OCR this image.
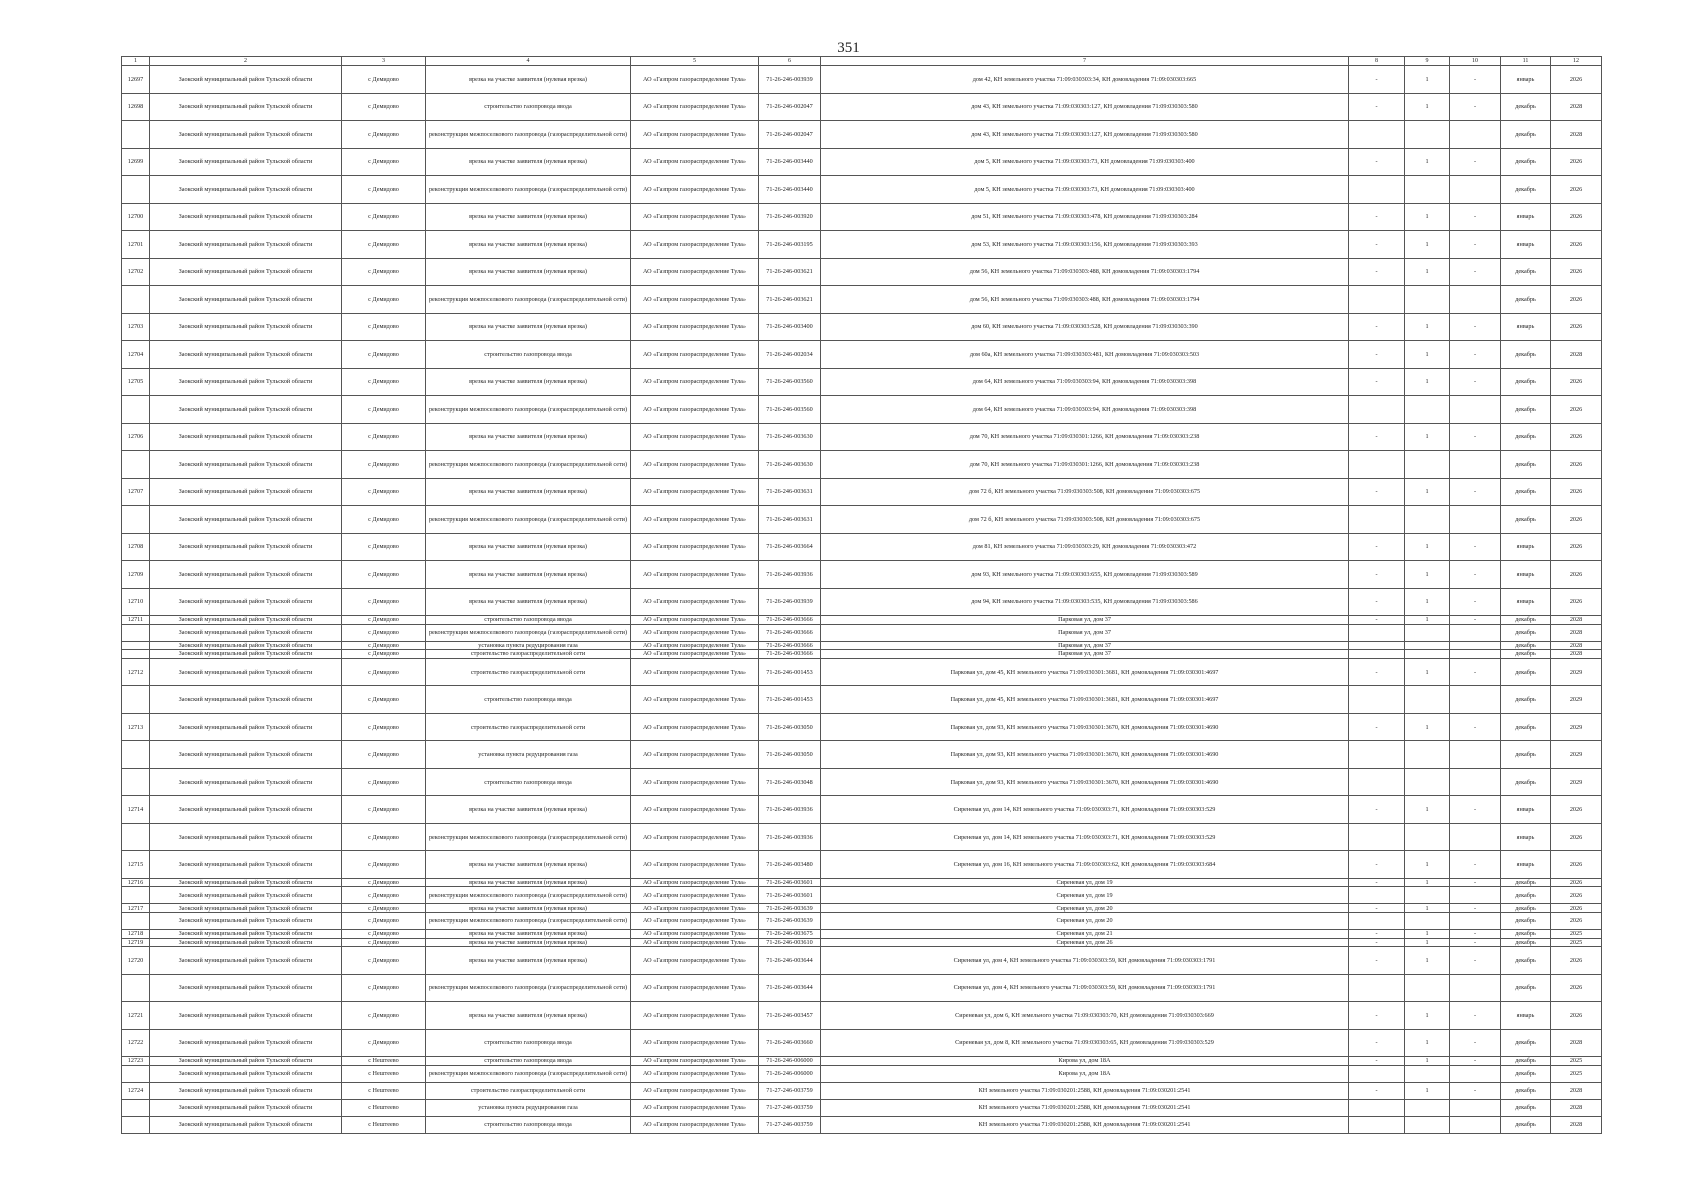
351
1	2	3	4	5	6	7	8	9	10	11	12
12697	Заокский муниципальный район Тульской области	с Демидово	врезка на участке заявителя (нулевая врезка)	АО «Газпром газораспределение Тула»	71-26-246-003939	дом 42, КН земельного участка 71:09:030303:34, КН домовладения 71:09:030303:665	-	1	-	январь	2026
12698	Заокский муниципальный район Тульской области	с Демидово	строительство газопровода ввода	АО «Газпром газораспределение Тула»	71-26-246-002047	дом 43, КН земельного участка 71:09:030303:127, КН домовладения 71:09:030303:580	-	1	-	декабрь	2028
	Заокский муниципальный район Тульской области	с Демидово	реконструкция межпоселкового газопровода (газораспределительной сети)	АО «Газпром газораспределение Тула»	71-26-246-002047	дом 43, КН земельного участка 71:09:030303:127, КН домовладения 71:09:030303:580				декабрь	2028
12699	Заокский муниципальный район Тульской области	с Демидово	врезка на участке заявителя (нулевая врезка)	АО «Газпром газораспределение Тула»	71-26-246-003440	дом 5, КН земельного участка 71:09:030303:73, КН домовладения 71:09:030303:400	-	1	-	декабрь	2026
	Заокский муниципальный район Тульской области	с Демидово	реконструкция межпоселкового газопровода (газораспределительной сети)	АО «Газпром газораспределение Тула»	71-26-246-003440	дом 5, КН земельного участка 71:09:030303:73, КН домовладения 71:09:030303:400				декабрь	2026
12700	Заокский муниципальный район Тульской области	с Демидово	врезка на участке заявителя (нулевая врезка)	АО «Газпром газораспределение Тула»	71-26-246-003920	дом 51, КН земельного участка 71:09:030303:478, КН домовладения 71:09:030303:284	-	1	-	январь	2026
12701	Заокский муниципальный район Тульской области	с Демидово	врезка на участке заявителя (нулевая врезка)	АО «Газпром газораспределение Тула»	71-26-246-003195	дом 53, КН земельного участка 71:09:030303:156, КН домовладения 71:09:030303:393	-	1	-	январь	2026
12702	Заокский муниципальный район Тульской области	с Демидово	врезка на участке заявителя (нулевая врезка)	АО «Газпром газораспределение Тула»	71-26-246-003621	дом 56, КН земельного участка 71:09:030303:488, КН домовладения 71:09:030303:1794	-	1	-	декабрь	2026
	Заокский муниципальный район Тульской области	с Демидово	реконструкция межпоселкового газопровода (газораспределительной сети)	АО «Газпром газораспределение Тула»	71-26-246-003621	дом 56, КН земельного участка 71:09:030303:488, КН домовладения 71:09:030303:1794				декабрь	2026
12703	Заокский муниципальный район Тульской области	с Демидово	врезка на участке заявителя (нулевая врезка)	АО «Газпром газораспределение Тула»	71-26-246-003400	дом 60, КН земельного участка 71:09:030303:528, КН домовладения 71:09:030303:390	-	1	-	январь	2026
12704	Заокский муниципальный район Тульской области	с Демидово	строительство газопровода ввода	АО «Газпром газораспределение Тула»	71-26-246-002034	дом 60а, КН земельного участка 71:09:030303:481, КН домовладения 71:09:030303:503	-	1	-	декабрь	2028
12705	Заокский муниципальный район Тульской области	с Демидово	врезка на участке заявителя (нулевая врезка)	АО «Газпром газораспределение Тула»	71-26-246-003560	дом 64, КН земельного участка 71:09:030303:94, КН домовладения 71:09:030303:398	-	1	-	декабрь	2026
	Заокский муниципальный район Тульской области	с Демидово	реконструкция межпоселкового газопровода (газораспределительной сети)	АО «Газпром газораспределение Тула»	71-26-246-003560	дом 64, КН земельного участка 71:09:030303:94, КН домовладения 71:09:030303:398				декабрь	2026
12706	Заокский муниципальный район Тульской области	с Демидово	врезка на участке заявителя (нулевая врезка)	АО «Газпром газораспределение Тула»	71-26-246-003630	дом 70, КН земельного участка 71:09:030301:1266, КН домовладения 71:09:030303:238	-	1	-	декабрь	2026
	Заокский муниципальный район Тульской области	с Демидово	реконструкция межпоселкового газопровода (газораспределительной сети)	АО «Газпром газораспределение Тула»	71-26-246-003630	дом 70, КН земельного участка 71:09:030301:1266, КН домовладения 71:09:030303:238				декабрь	2026
12707	Заокский муниципальный район Тульской области	с Демидово	врезка на участке заявителя (нулевая врезка)	АО «Газпром газораспределение Тула»	71-26-246-003631	дом 72 б, КН земельного участка 71:09:030303:508, КН домовладения 71:09:030303:675	-	1	-	декабрь	2026
	Заокский муниципальный район Тульской области	с Демидово	реконструкция межпоселкового газопровода (газораспределительной сети)	АО «Газпром газораспределение Тула»	71-26-246-003631	дом 72 б, КН земельного участка 71:09:030303:508, КН домовладения 71:09:030303:675				декабрь	2026
12708	Заокский муниципальный район Тульской области	с Демидово	врезка на участке заявителя (нулевая врезка)	АО «Газпром газораспределение Тула»	71-26-246-003664	дом 81, КН земельного участка 71:09:030303:29, КН домовладения 71:09:030303:472	-	1	-	январь	2026
12709	Заокский муниципальный район Тульской области	с Демидово	врезка на участке заявителя (нулевая врезка)	АО «Газпром газораспределение Тула»	71-26-246-003936	дом 93, КН земельного участка 71:09:030303:655, КН домовладения 71:09:030303:589	-	1	-	январь	2026
12710	Заокский муниципальный район Тульской области	с Демидово	врезка на участке заявителя (нулевая врезка)	АО «Газпром газораспределение Тула»	71-26-246-003939	дом 94, КН земельного участка 71:09:030303:535, КН домовладения 71:09:030303:586	-	1	-	январь	2026
12711	Заокский муниципальный район Тульской области	с Демидово	строительство газопровода ввода	АО «Газпром газораспределение Тула»	71-26-246-003666	Парковая ул, дом 37	-	1	-	декабрь	2028
	Заокский муниципальный район Тульской области	с Демидово	реконструкция межпоселкового газопровода (газораспределительной сети)	АО «Газпром газораспределение Тула»	71-26-246-003666	Парковая ул, дом 37				декабрь	2028
	Заокский муниципальный район Тульской области	с Демидово	установка пункта редуцирования газа	АО «Газпром газораспределение Тула»	71-26-246-003666	Парковая ул, дом 37				декабрь	2028
	Заокский муниципальный район Тульской области	с Демидово	строительство газораспределительной сети	АО «Газпром газораспределение Тула»	71-26-246-003666	Парковая ул, дом 37				декабрь	2028
12712	Заокский муниципальный район Тульской области	с Демидово	строительство газораспределительной сети	АО «Газпром газораспределение Тула»	71-26-246-001453	Парковая ул, дом 45, КН земельного участка 71:09:030301:3681, КН домовладения 71:09:030301:4697	-	1	-	декабрь	2029
	Заокский муниципальный район Тульской области	с Демидово	строительство газопровода ввода	АО «Газпром газораспределение Тула»	71-26-246-001453	Парковая ул, дом 45, КН земельного участка 71:09:030301:3681, КН домовладения 71:09:030301:4697				декабрь	2029
12713	Заокский муниципальный район Тульской области	с Демидово	строительство газораспределительной сети	АО «Газпром газораспределение Тула»	71-26-246-003050	Парковая ул, дом 93, КН земельного участка 71:09:030301:3670, КН домовладения 71:09:030301:4690	-	1	-	декабрь	2029
	Заокский муниципальный район Тульской области	с Демидово	установка пункта редуцирования газа	АО «Газпром газораспределение Тула»	71-26-246-003050	Парковая ул, дом 93, КН земельного участка 71:09:030301:3670, КН домовладения 71:09:030301:4690				декабрь	2029
	Заокский муниципальный район Тульской области	с Демидово	строительство газопровода ввода	АО «Газпром газораспределение Тула»	71-26-246-003048	Парковая ул, дом 93, КН земельного участка 71:09:030301:3670, КН домовладения 71:09:030301:4690				декабрь	2029
12714	Заокский муниципальный район Тульской области	с Демидово	врезка на участке заявителя (нулевая врезка)	АО «Газпром газораспределение Тула»	71-26-246-003936	Сиреневая ул, дом 14, КН земельного участка 71:09:030303:71, КН домовладения 71:09:030303:529	-	1	-	январь	2026
	Заокский муниципальный район Тульской области	с Демидово	реконструкция межпоселкового газопровода (газораспределительной сети)	АО «Газпром газораспределение Тула»	71-26-246-003936	Сиреневая ул, дом 14, КН земельного участка 71:09:030303:71, КН домовладения 71:09:030303:529				январь	2026
12715	Заокский муниципальный район Тульской области	с Демидово	врезка на участке заявителя (нулевая врезка)	АО «Газпром газораспределение Тула»	71-26-246-003480	Сиреневая ул, дом 16, КН земельного участка 71:09:030303:62, КН домовладения 71:09:030303:684	-	1	-	январь	2026
12716	Заокский муниципальный район Тульской области	с Демидово	врезка на участке заявителя (нулевая врезка)	АО «Газпром газораспределение Тула»	71-26-246-003601	Сиреневая ул, дом 19	-	1	-	декабрь	2026
	Заокский муниципальный район Тульской области	с Демидово	реконструкция межпоселкового газопровода (газораспределительной сети)	АО «Газпром газораспределение Тула»	71-26-246-003601	Сиреневая ул, дом 19				декабрь	2026
12717	Заокский муниципальный район Тульской области	с Демидово	врезка на участке заявителя (нулевая врезка)	АО «Газпром газораспределение Тула»	71-26-246-003639	Сиреневая ул, дом 20	-	1	-	декабрь	2026
	Заокский муниципальный район Тульской области	с Демидово	реконструкция межпоселкового газопровода (газораспределительной сети)	АО «Газпром газораспределение Тула»	71-26-246-003639	Сиреневая ул, дом 20				декабрь	2026
12718	Заокский муниципальный район Тульской области	с Демидово	врезка на участке заявителя (нулевая врезка)	АО «Газпром газораспределение Тула»	71-26-246-003675	Сиреневая ул, дом 21	-	1	-	декабрь	2025
12719	Заокский муниципальный район Тульской области	с Демидово	врезка на участке заявителя (нулевая врезка)	АО «Газпром газораспределение Тула»	71-26-246-003610	Сиреневая ул, дом 26	-	1	-	декабрь	2025
12720	Заокский муниципальный район Тульской области	с Демидово	врезка на участке заявителя (нулевая врезка)	АО «Газпром газораспределение Тула»	71-26-246-003644	Сиреневая ул, дом 4, КН земельного участка 71:09:030303:59, КН домовладения 71:09:030303:1791	-	1	-	декабрь	2026
	Заокский муниципальный район Тульской области	с Демидово	реконструкция межпоселкового газопровода (газораспределительной сети)	АО «Газпром газораспределение Тула»	71-26-246-003644	Сиреневая ул, дом 4, КН земельного участка 71:09:030303:59, КН домовладения 71:09:030303:1791				декабрь	2026
12721	Заокский муниципальный район Тульской области	с Демидово	врезка на участке заявителя (нулевая врезка)	АО «Газпром газораспределение Тула»	71-26-246-003457	Сиреневая ул, дом 6, КН земельного участка 71:09:030303:70, КН домовладения 71:09:030303:669	-	1	-	январь	2026
12722	Заокский муниципальный район Тульской области	с Демидово	строительство газопровода ввода	АО «Газпром газораспределение Тула»	71-26-246-003660	Сиреневая ул, дом 8, КН земельного участка 71:09:030303:65, КН домовладения 71:09:030303:529	-	1	-	декабрь	2028
12723	Заокский муниципальный район Тульской области	с Нештеево	строительство газопровода ввода	АО «Газпром газораспределение Тула»	71-26-246-006000	Кирова ул, дом 18А	-	1	-	декабрь	2025
	Заокский муниципальный район Тульской области	с Нештеево	реконструкция межпоселкового газопровода (газораспределительной сети)	АО «Газпром газораспределение Тула»	71-26-246-006000	Кирова ул, дом 18А				декабрь	2025
12724	Заокский муниципальный район Тульской области	с Нештеево	строительство газораспределительной сети	АО «Газпром газораспределение Тула»	71-27-246-003759	КН земельного участка 71:09:030201:2588, КН домовладения 71:09:030201:2541	-	1	-	декабрь	2028
	Заокский муниципальный район Тульской области	с Нештеево	установка пункта редуцирования газа	АО «Газпром газораспределение Тула»	71-27-246-003759	КН земельного участка 71:09:030201:2588, КН домовладения 71:09:030201:2541				декабрь	2028
	Заокский муниципальный район Тульской области	с Нештеево	строительство газопровода ввода	АО «Газпром газораспределение Тула»	71-27-246-003759	КН земельного участка 71:09:030201:2588, КН домовладения 71:09:030201:2541				декабрь	2028
